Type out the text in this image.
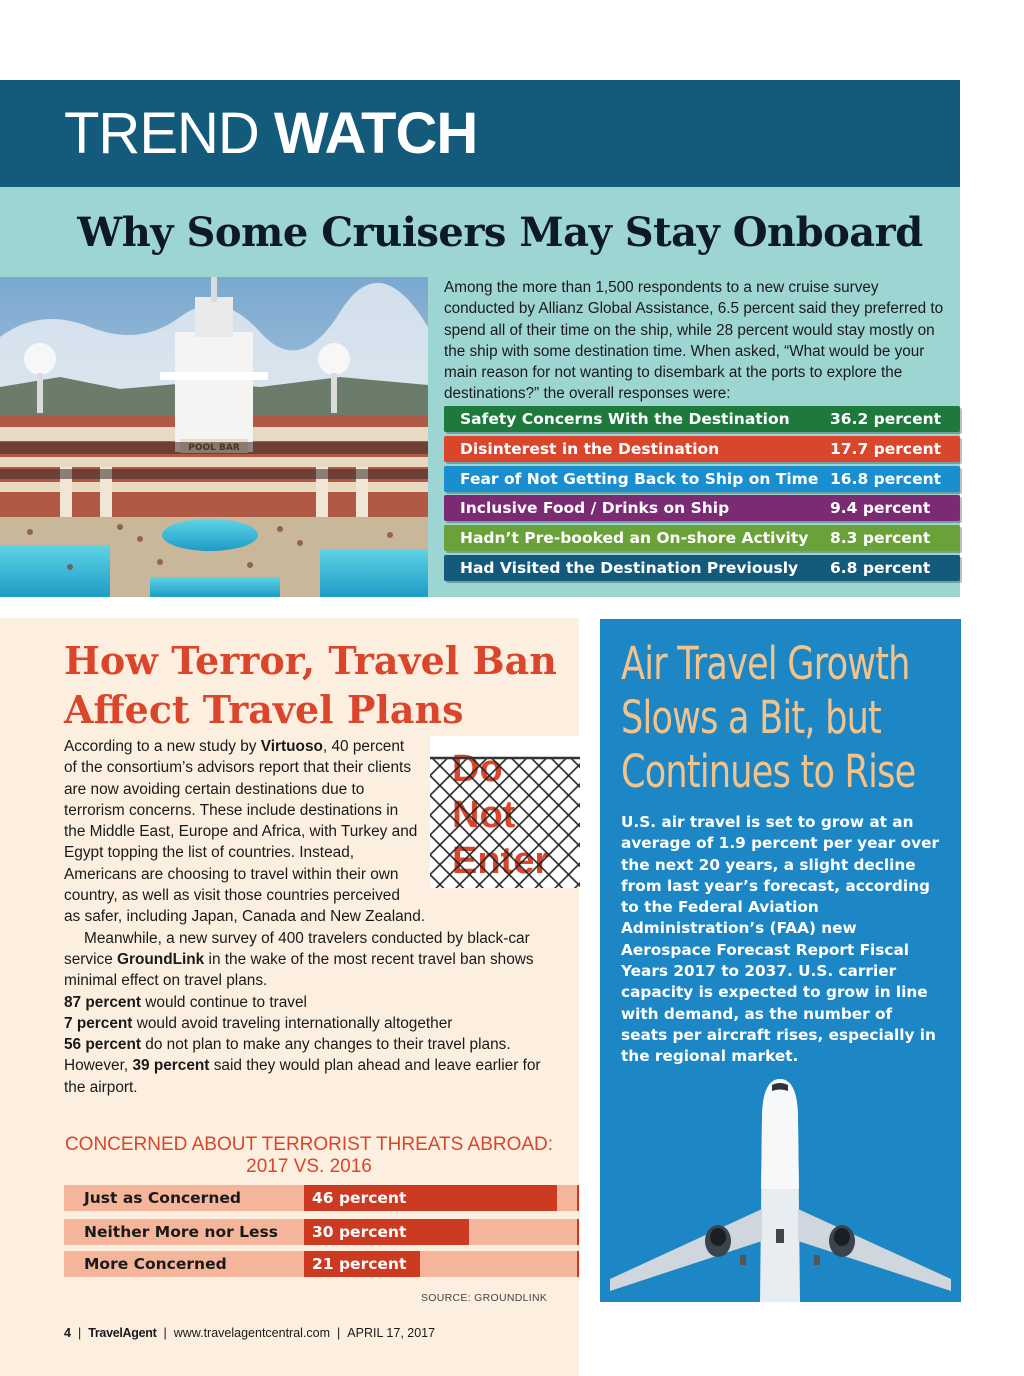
TREND WATCH
Why Some Cruisers May Stay Onboard
Among the more than 1,500 respondents to a new cruise survey conducted by Allianz Global Assistance, 6.5 percent said they preferred to spend all of their time on the ship, while 28 percent would stay mostly on the ship with some destination time. When asked, “What would be your main reason for not wanting to disembark at the ports to explore the destinations?” the overall responses were:
Safety Concerns With the Destination	36.2 percent
Disinterest in the Destination	17.7 percent
Fear of Not Getting Back to Ship on Time 16.8 percent
Inclusive Food / Drinks on Ship	9.4 percent
Hadn’t Pre-booked an On-shore Activity	8.3 percent
Had Visited the Destination Previously	6.8 percent
How Terror, Travel Ban
Affect Travel Plans

According to a new study by Virtuoso, 40 percent of the consortium’s advisors report that their clients are now avoiding certain destinations due to terrorism concerns. These include destinations in the Middle East, Europe and Africa, with Turkey and Egypt topping the list of countries. Instead, Americans are choosing to travel within their own country, as well as visit those countries perceived as safer, including Japan, Canada and New Zealand.

Meanwhile, a new survey of 400 travelers conducted by black-car service GroundLink in the wake of the most recent travel ban shows minimal effect on travel plans.

87 percent would continue to travel

7 percent would avoid traveling internationally altogether

56 percent do not plan to make any changes to their travel plans.

However, 39 percent said they would plan ahead and leave earlier for the airport.

CONCERNED ABOUT TERRORIST THREATS ABROAD:
2017 VS. 2016
Just as Concerned	46 percent
Neither More nor Less	30 percent
More Concerned	21 percent
SOURCE: GROUNDLINK
4 | TravelAgent | www.travelagentcentral.com | APRIL 17, 2017
Air Travel Growth
Slows a Bit, but
Continues to Rise
U.S. air travel is set to grow at an average of 1.9 percent per year over the next 20 years, a slight decline from last year’s forecast, according to the Federal Aviation Administration’s (FAA) new Aerospace Forecast Report Fiscal Years 2017 to 2037. U.S. carrier capacity is expected to grow in line with demand, as the number of seats per aircraft rises, especially in the regional market.
